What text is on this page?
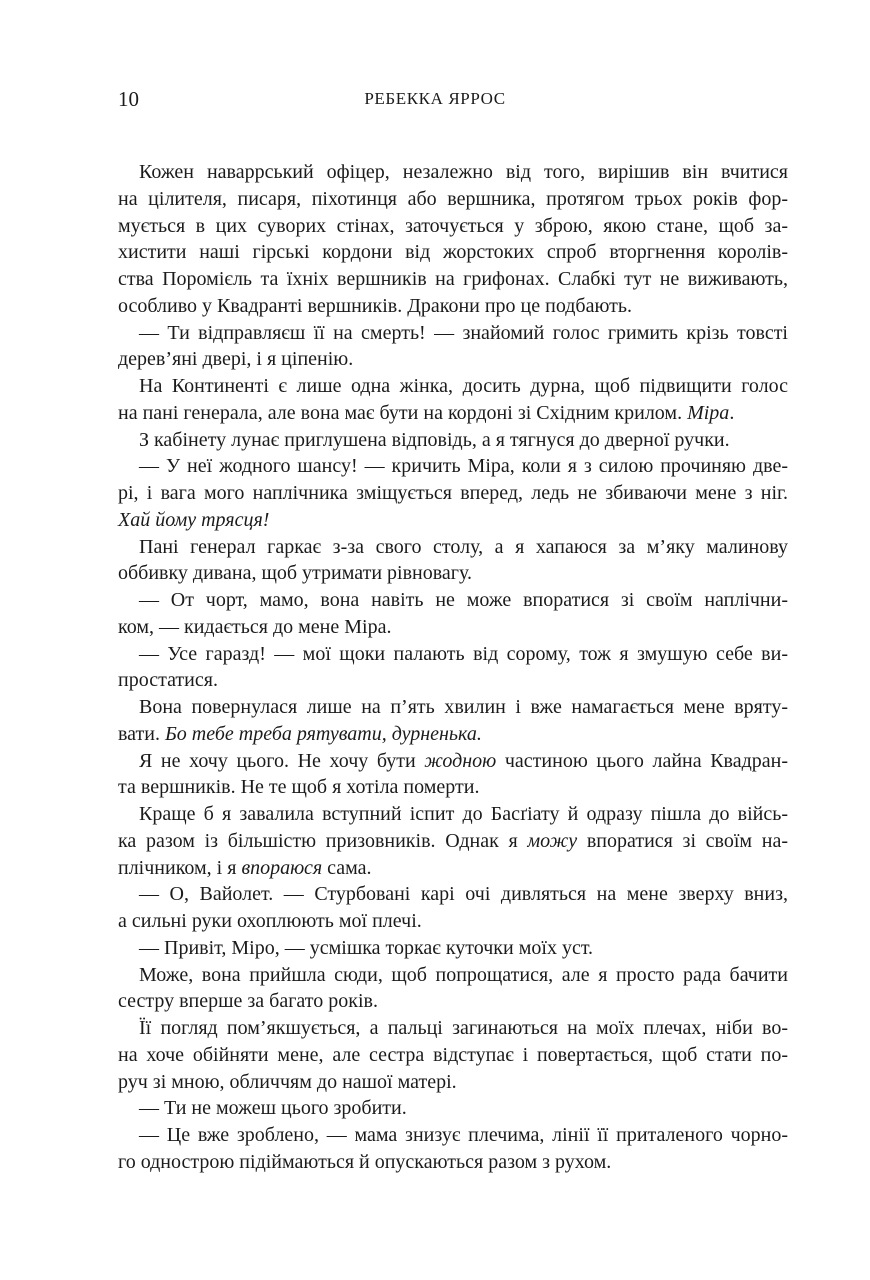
10	РЕБЕККА ЯРРОС
Кожен наваррський офіцер, незалежно від того, вирішив він вчитися
на цілителя, писаря, піхотинця або вершника, протягом трьох років фор-
мується в цих суворих стінах, заточується у зброю, якою стане, щоб за-
хистити наші гірські кордони від жорстоких спроб вторгнення королів-
ства Поромієль та їхніх вершників на грифонах. Слабкі тут не виживають,
особливо у Квадранті вершників. Дракони про це подбають.
— Ти відправляєш її на смерть! — знайомий голос гримить крізь товсті
дерев’яні двері, і я ціпенію.
На Континенті є лише одна жінка, досить дурна, щоб підвищити голос
на пані генерала, але вона має бути на кордоні зі Східним крилом. Міра.
З кабінету лунає приглушена відповідь, а я тягнуся до дверної ручки.
— У неї жодного шансу! — кричить Міра, коли я з силою прочиняю две-
рі, і вага мого наплічника зміщується вперед, ледь не збиваючи мене з ніг.
Хай йому трясця!
Пані генерал гаркає з-за свого столу, а я хапаюся за м’яку малинову
оббивку дивана, щоб утримати рівновагу.
— От чорт, мамо, вона навіть не може впоратися зі своїм наплічни-
ком, — кидається до мене Міра.
— Усе гаразд! — мої щоки палають від сорому, тож я змушую себе ви-
простатися.
Вона повернулася лише на п’ять хвилин і вже намагається мене вряту-
вати. Бо тебе треба рятувати, дурненька.
Я не хочу цього. Не хочу бути жодною частиною цього лайна Квадран-
та вершників. Не те щоб я хотіла померти.
Краще б я завалила вступний іспит до Басґіату й одразу пішла до війсь-
ка разом із більшістю призовників. Однак я можу впоратися зі своїм на-
плічником, і я впораюся сама.
— О, Вайолет. — Стурбовані карі очі дивляться на мене зверху вниз,
а сильні руки охоплюють мої плечі.
— Привіт, Міро, — усмішка торкає куточки моїх уст.
Може, вона прийшла сюди, щоб попрощатися, але я просто рада бачити
сестру вперше за багато років.
Її погляд пом’якшується, а пальці загинаються на моїх плечах, ніби во-
на хоче обійняти мене, але сестра відступає і повертається, щоб стати по-
руч зі мною, обличчям до нашої матері.
— Ти не можеш цього зробити.
— Це вже зроблено, — мама знизує плечима, лінії її приталеного чорно-
го однострою підіймаються й опускаються разом з рухом.
